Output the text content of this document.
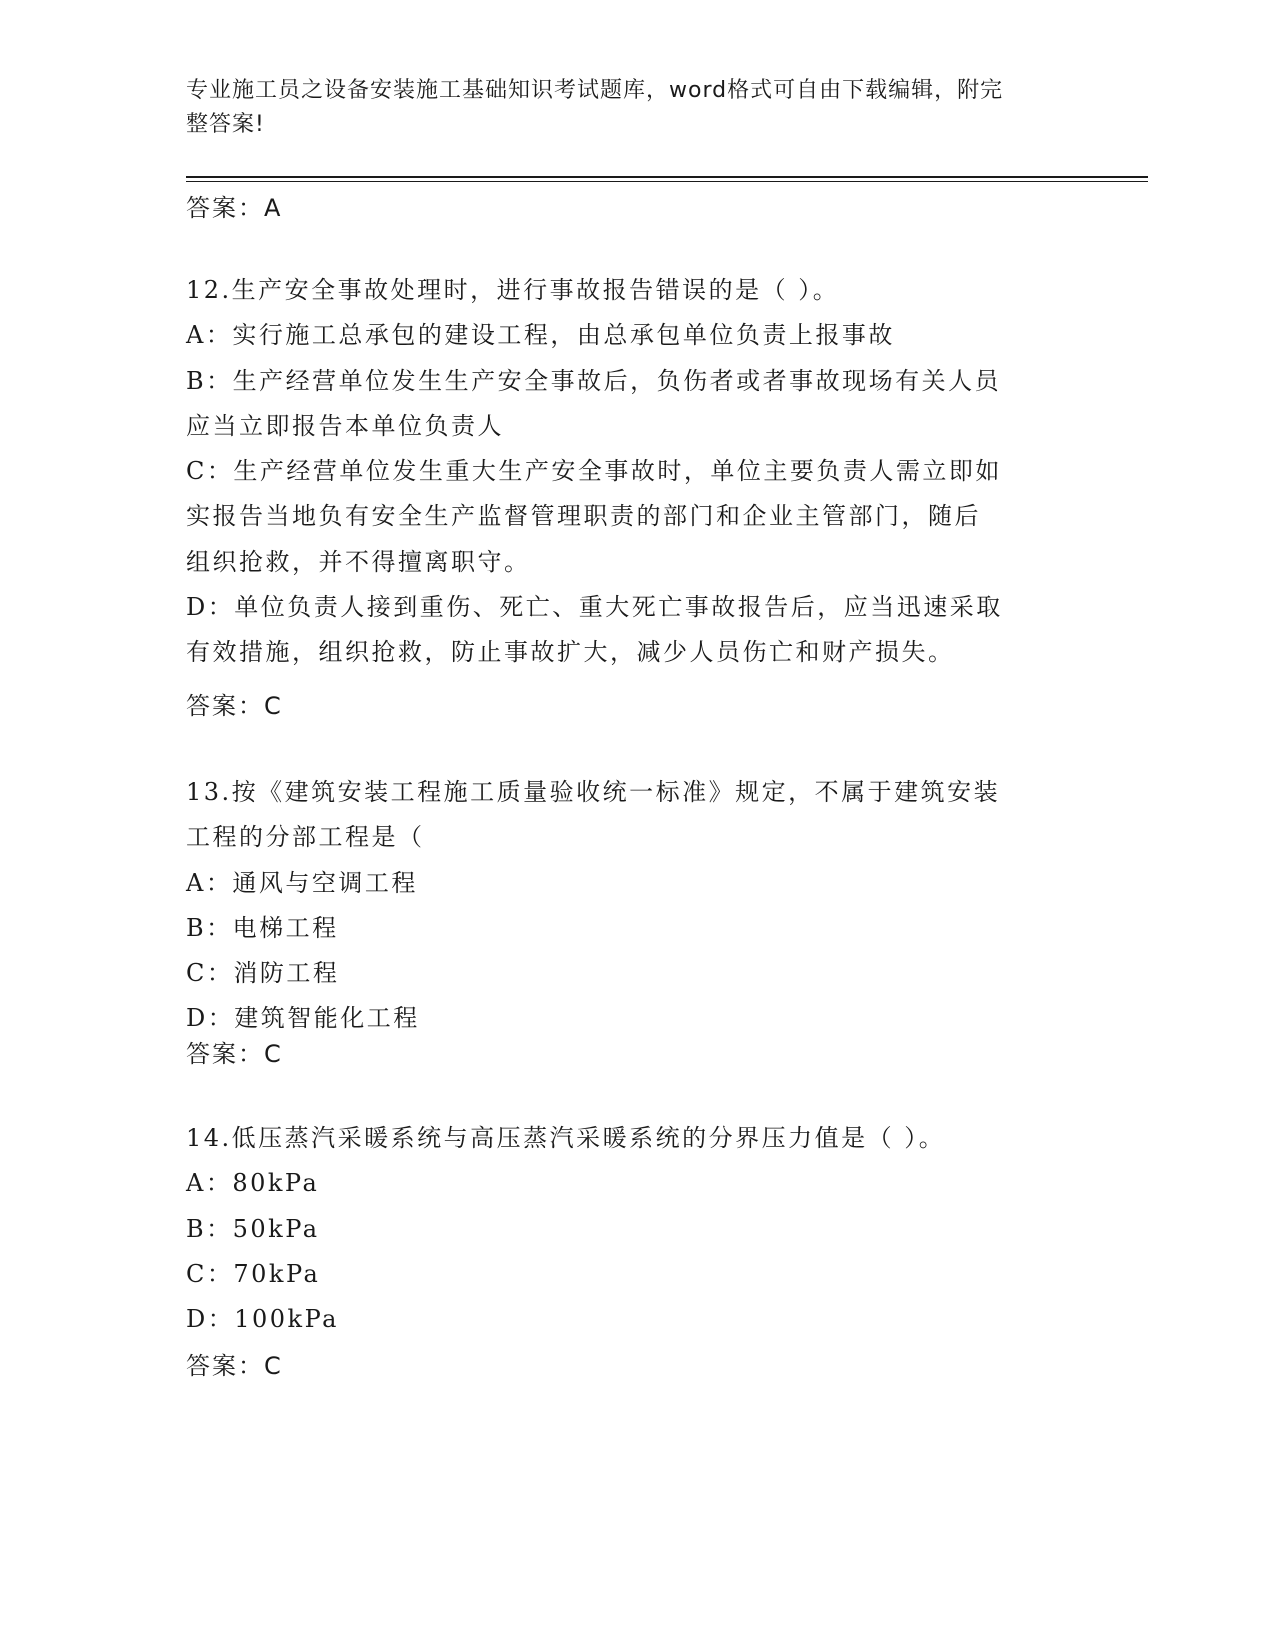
专业施工员之设备安装施工基础知识考试题库，word格式可自由下载编辑，附完
整答案!
答案：A
12.生产安全事故处理时，进行事故报告错误的是（ ）。
A：实行施工总承包的建设工程，由总承包单位负责上报事故
B：生产经营单位发生生产安全事故后，负伤者或者事故现场有关人员
应当立即报告本单位负责人
C：生产经营单位发生重大生产安全事故时，单位主要负责人需立即如
实报告当地负有安全生产监督管理职责的部门和企业主管部门，随后
组织抢救，并不得擅离职守。
D：单位负责人接到重伤、死亡、重大死亡事故报告后，应当迅速采取
有效措施，组织抢救，防止事故扩大，减少人员伤亡和财产损失。
答案：C
13.按《建筑安装工程施工质量验收统一标准》规定，不属于建筑安装
工程的分部工程是（
A：通风与空调工程
B：电梯工程
C：消防工程
D：建筑智能化工程
答案：C
14.低压蒸汽采暖系统与高压蒸汽采暖系统的分界压力值是（ ）。
A：80kPa
B：50kPa
C：70kPa
D：100kPa
答案：C
